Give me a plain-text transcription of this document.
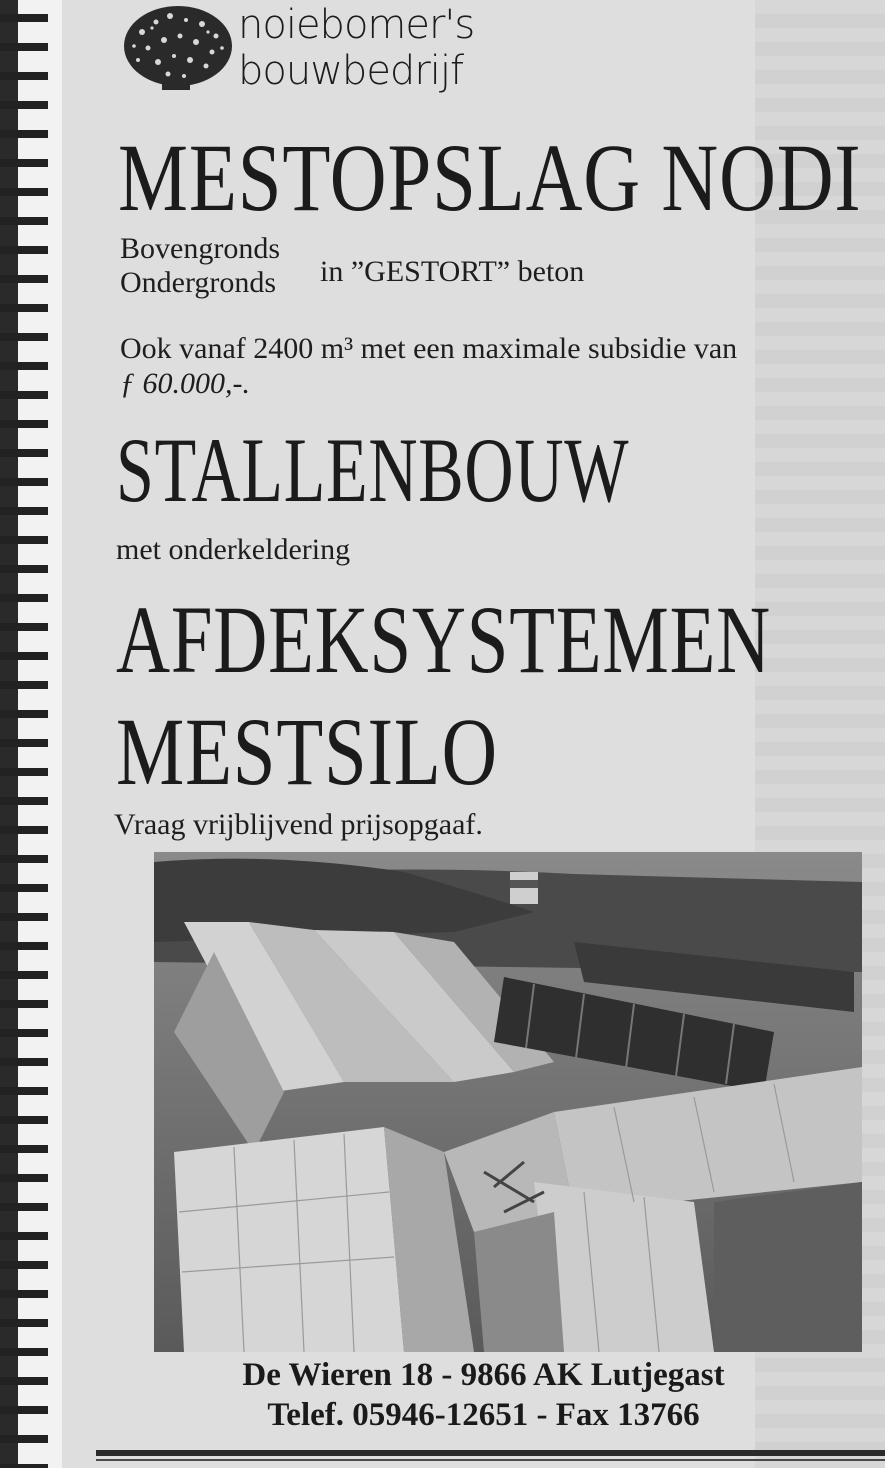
noiebomer's
bouwbedrijf
MESTOPSLAG NODI
Bovengronds
Ondergronds in ”GESTORT” beton
Ook vanaf 2400 m³ met een maximale subsidie van
ƒ 60.000,-.
STALLENBOUW
met onderkeldering
AFDEKSYSTEMEN
MESTSILO
Vraag vrijblijvend prijsopgaaf.
De Wieren 18 - 9866 AK Lutjegast
Telef. 05946-12651 - Fax 13766
